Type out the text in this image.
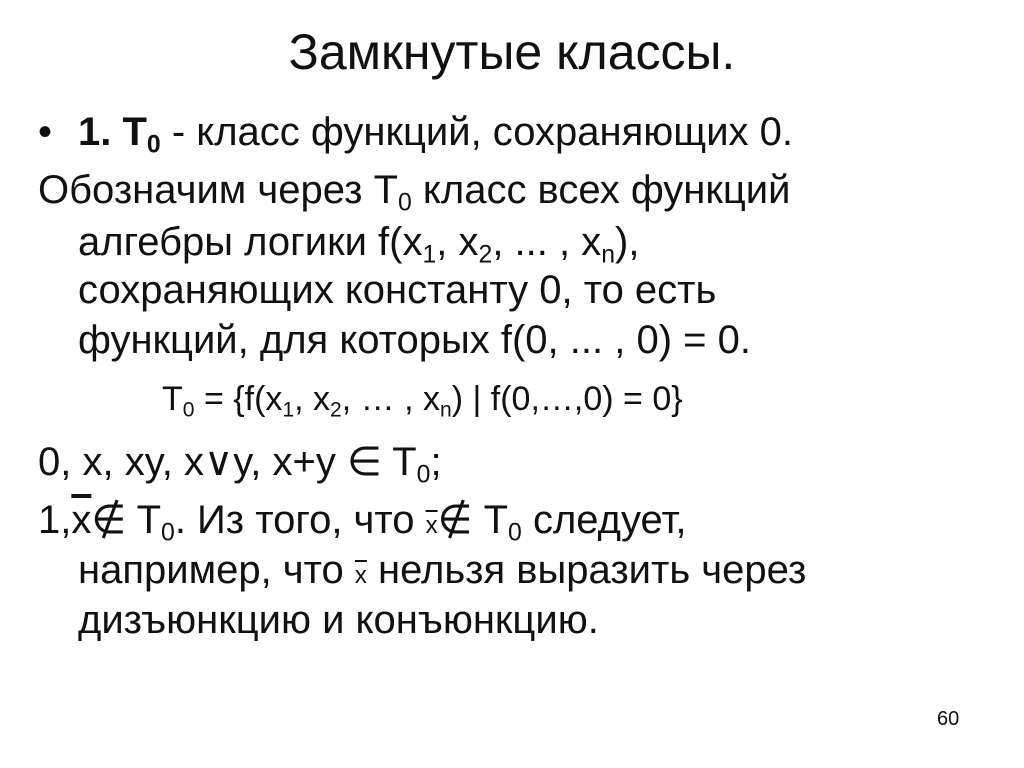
Замкнутые классы.
• 1. $T_0$ - класс функций, сохраняющих 0.
Обозначим через $T_0$ класс всех функций
алгебры логики $f(x_1$, $x_2$, ... , $x_n$),
сохраняющих константу 0, то есть
функций, для которых f(0, ... , 0) = 0.
$T_0 = \{f(x_1$, $x_2$, … , $x_n$) | f(0,…,0) = 0}
0, x, xy, x∨y, x+y ∈ $T_0$;
$1,\overline{x}\notin$ $T_0$. Из того, что $\overline{x}\notin$ $T_0$ следует,
например, что $\overline{x}$ нельзя выразить через
дизъюнкцию и конъюнкцию.
60
